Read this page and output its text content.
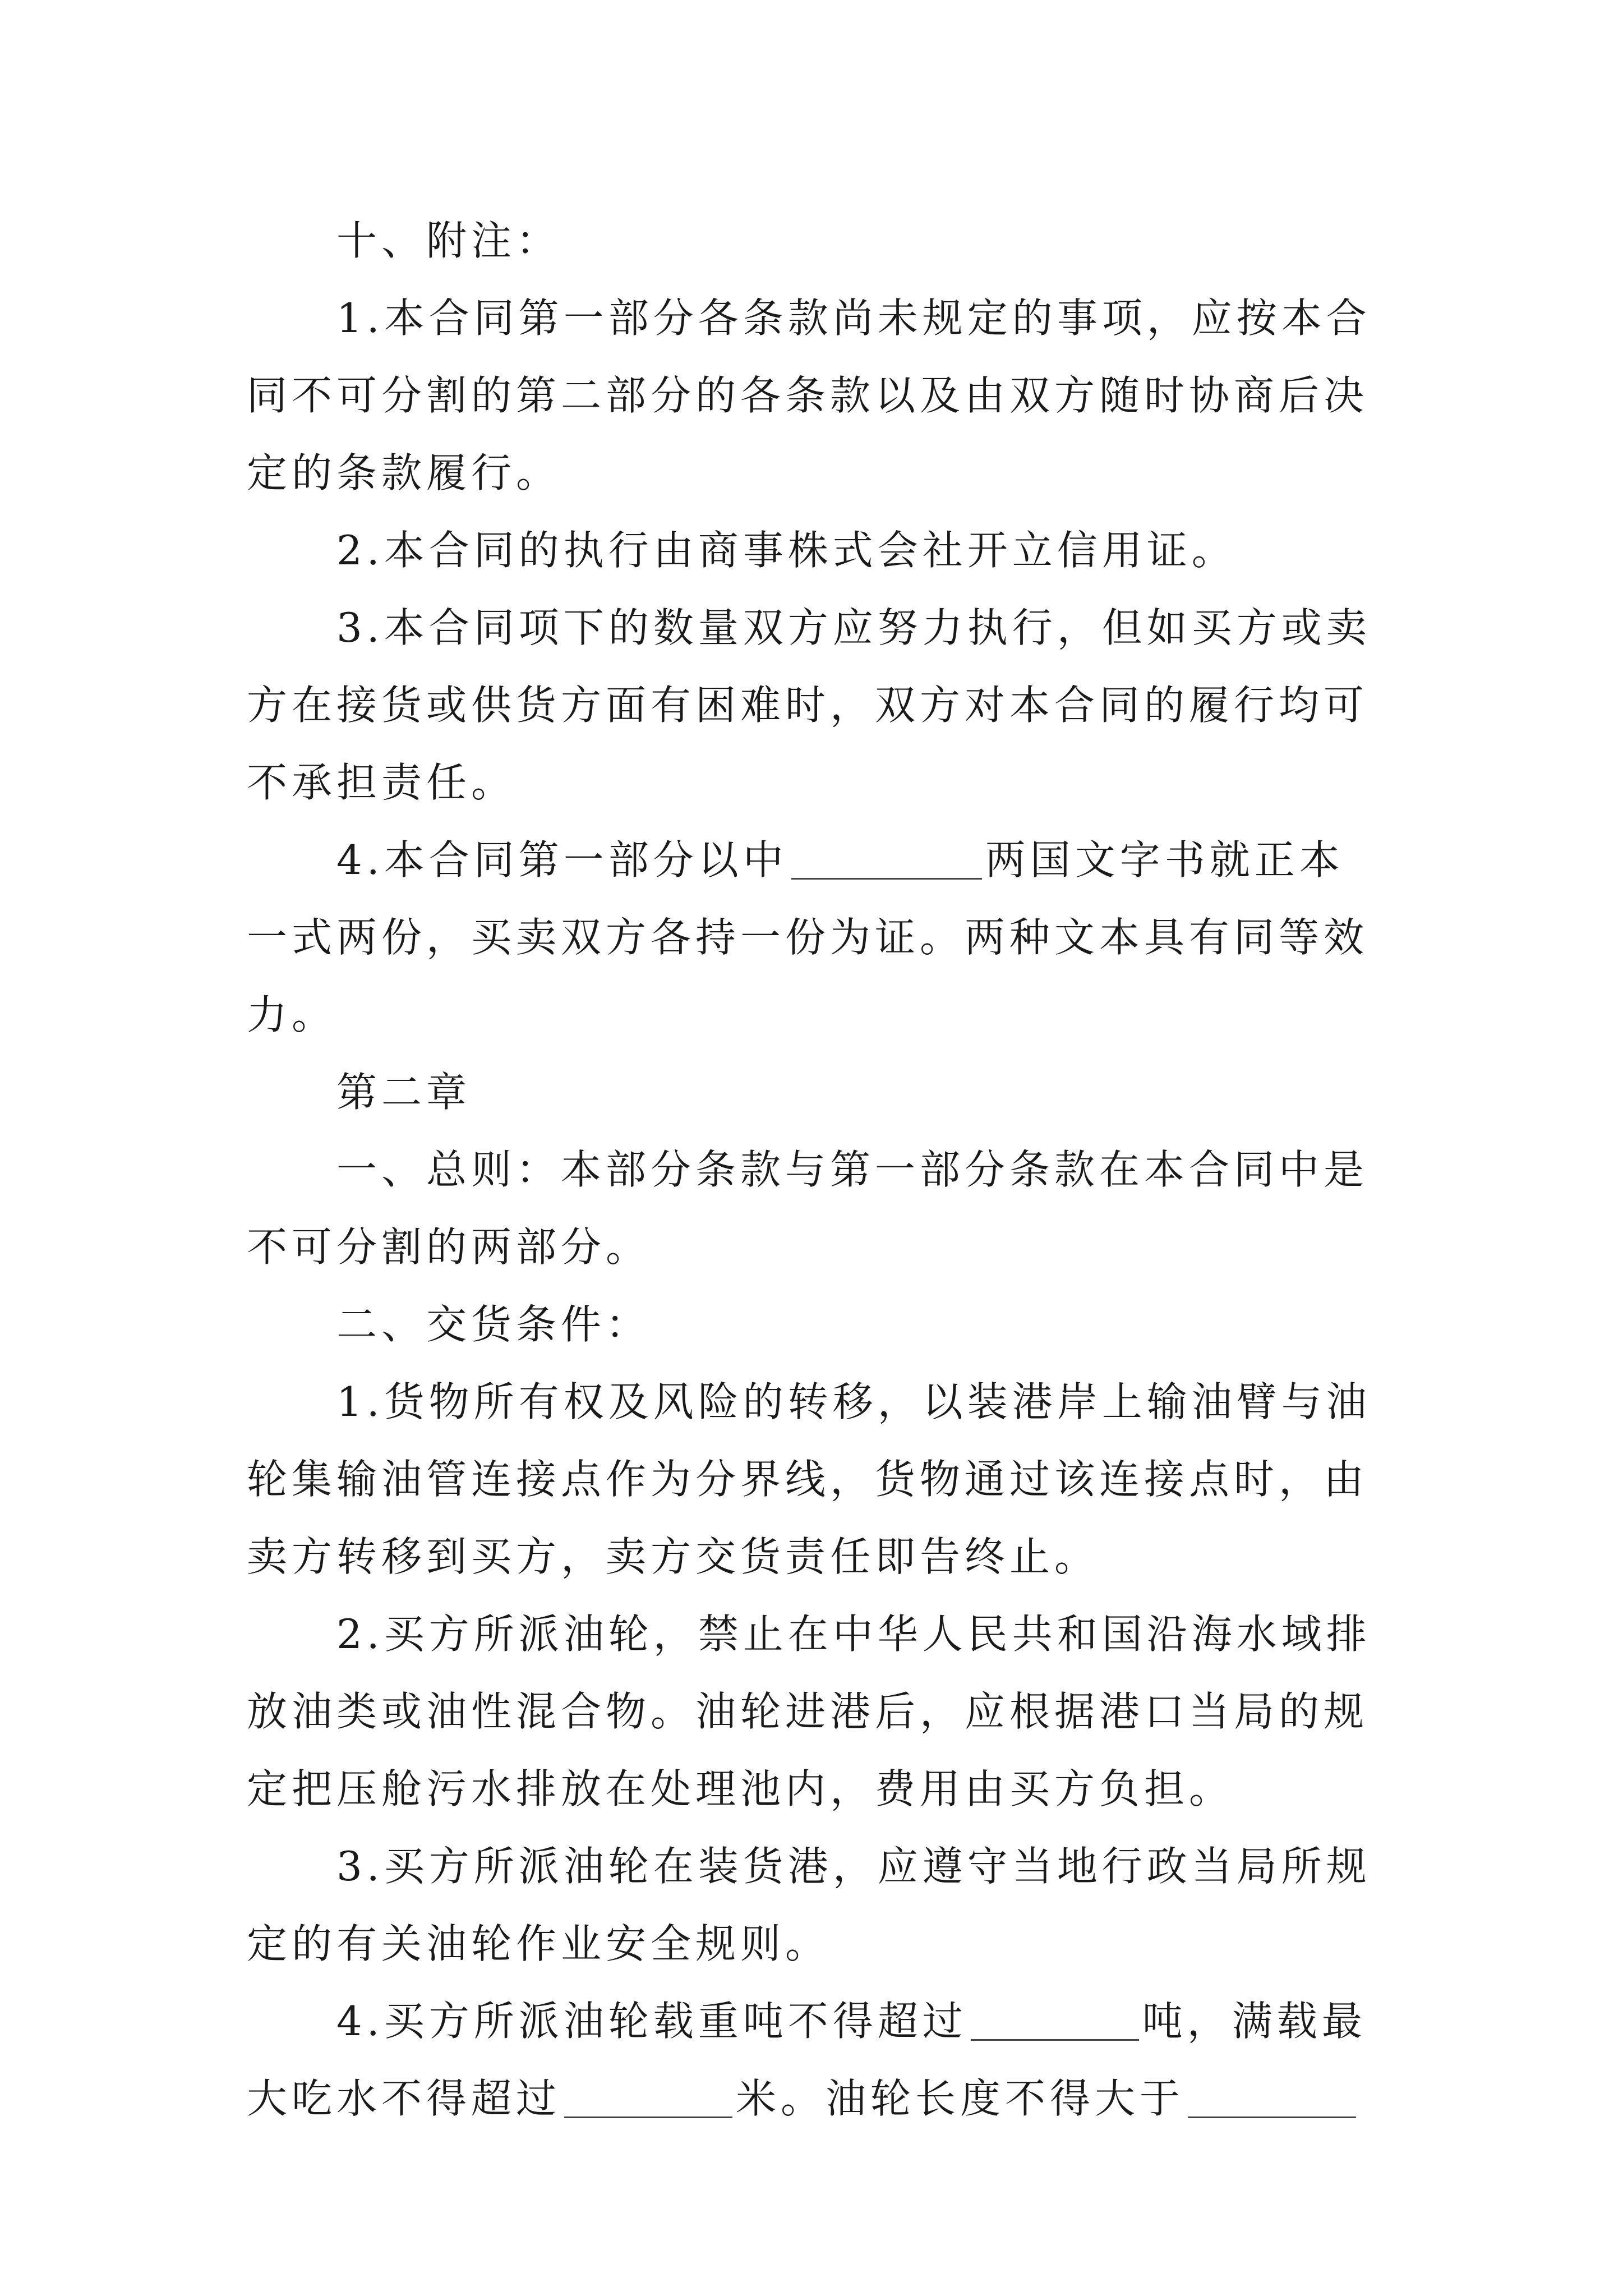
十、附注：

1.本合同第一部分各条款尚未规定的事项，应按本合同不可分割的第二部分的各条款以及由双方随时协商后决定的条款履行。

2.本合同的执行由商事株式会社开立信用证。

3.本合同项下的数量双方应努力执行，但如买方或卖方在接货或供货方面有困难时，双方对本合同的履行均可不承担责任。

4.本合同第一部分以中	两国文字书就正本一式两份，买卖双方各持一份为证。两种文本具有同等效力。

第二章

一、总则：本部分条款与第一部分条款在本合同中是不可分割的两部分。

二、交货条件：

1.货物所有权及风险的转移，以装港岸上输油臂与油轮集输油管连接点作为分界线，货物通过该连接点时，由卖方转移到买方，卖方交货责任即告终止。

2.买方所派油轮，禁止在中华人民共和国沿海水域排放油类或油性混合物。油轮进港后，应根据港口当局的规定把压舱污水排放在处理池内，费用由买方负担。

3.买方所派油轮在装货港，应遵守当地行政当局所规定的有关油轮作业安全规则。

4.买方所派油轮载重吨不得超过	吨，满载最大吃水不得超过	米。油轮长度不得大于
